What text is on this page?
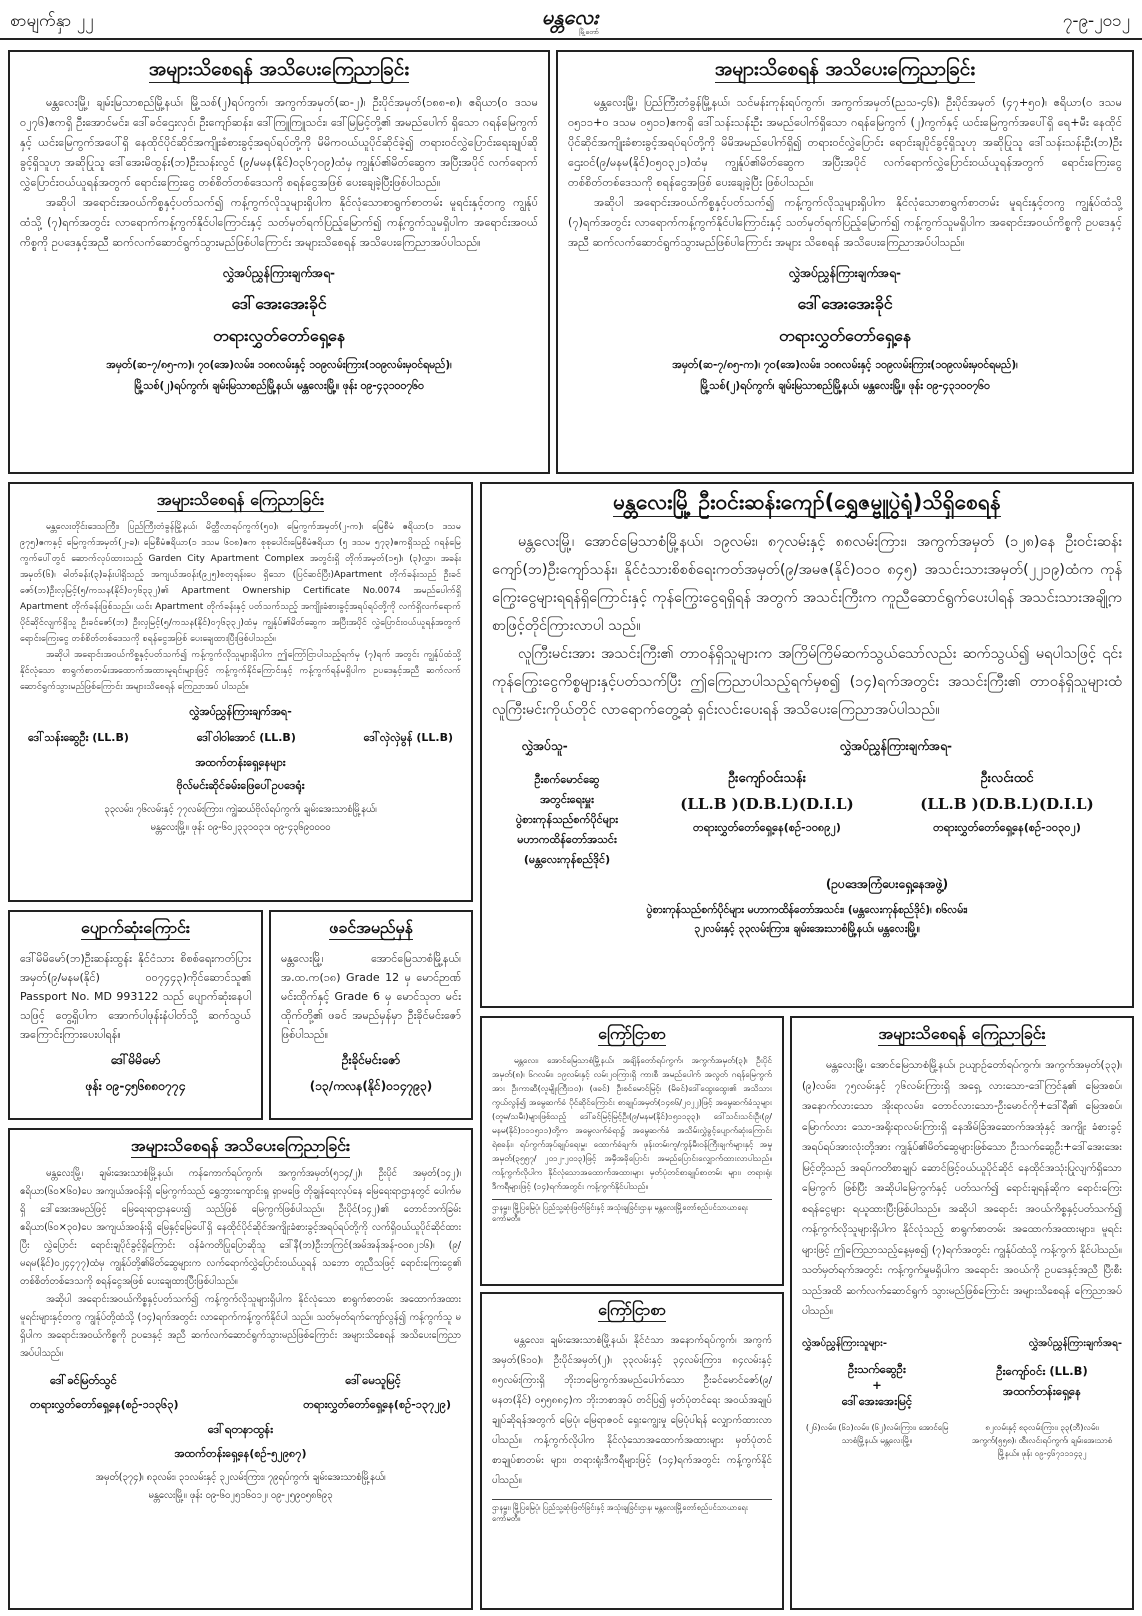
စာမျက်နှာ ၂၂	မန္တလေး
မြို့တော်
၇-၉-၂၀၁၂
အများသိစေရန် အသိပေးကြေညာခြင်း

မန္တလေးမြို့၊ ချမ်းမြသာစည်မြို့နယ်၊ မြို့သစ်(၂)ရပ်ကွက်၊ အကွက်အမှတ်(ဆ-၂)၊ ဦးပိုင်အမှတ်(၁၈၈-၈)၊ ဧရိယာ(၀ ဒသမ ၀၂၇၆)ဧကရှိ ဦးအောင်မင်း၊ ဒေါ်ခင်ဌေးလှင်၊ ဦးကျော်ဆန်း၊ ဒေါ်ကြူကြူသင်း၊ ဒေါ်မြမြင့်တို့၏ အမည်ပေါက် ရှိသော ဂရန်မြေကွက်နှင့် ယင်းမြေကွက်အပေါ်ရှိ နေထိုင်ပိုင်ဆိုင်အကျိုးခံစားခွင့်အရပ်ရပ်တို့ကို မိမိကဝယ်ယူပိုင်ဆိုင်ခဲ့၍ တရားဝင်လွှဲပြောင်းရေးချုပ်ဆိုခွင့်ရှိသူဟု အဆိုပြုသူ ဒေါ်အေးမိထွန်း(ဘ)ဦးသန်းလွင် (၉/မမန(နိုင်)၀၃၆၇၀၉)ထံမှ ကျွန်ုပ်၏မိတ်ဆွေက အပြီးအပိုင် လက်ရောက်လွှဲပြောင်းဝယ်ယူရန်အတွက် ရောင်းကြေးငွေ တစ်စိတ်တစ်ဒေသကို စရန်ငွေအဖြစ် ပေးချေခဲ့ပြီးဖြစ်ပါသည်။

အဆိုပါ အရောင်းအဝယ်ကိစ္စနှင့်ပတ်သက်၍ ကန့်ကွက်လိုသူများရှိပါက နိုင်လုံသောစာရွက်စာတမ်း မူရင်းနှင့်တကွ ကျွန်ုပ်ထံသို့ (၇)ရက်အတွင်း လာရောက်ကန့်ကွက်နိုင်ပါကြောင်းနှင့် သတ်မှတ်ရက်ပြည့်မြောက်၍ ကန့်ကွက်သူမရှိပါက အရောင်းအဝယ်ကိစ္စကို ဥပဒေနှင့်အညီ ဆက်လက်ဆောင်ရွက်သွားမည်ဖြစ်ပါကြောင်း အများသိစေရန် အသိပေးကြေညာအပ်ပါသည်။

လွှဲအပ်ညွှန်ကြားချက်အရ-
ဒေါ်အေးအေးခိုင်
တရားလွှတ်တော်ရှေ့နေ
အမှတ်(ဆ-၇/၈၅-က)၊ ၇၀(အေ)လမ်း၊ ၁၀၈လမ်းနှင့် ၁၀၉လမ်းကြား(၁၀၉လမ်းမှဝင်ရမည်)၊
မြို့သစ်(၂)ရပ်ကွက်၊ ချမ်းမြသာစည်မြို့နယ်၊ မန္တလေးမြို့။ ဖုန်း ၀၉-၄၃၁၀၀၇၆၀
အများသိစေရန် အသိပေးကြေညာခြင်း

မန္တလေးမြို့၊ ပြည်ကြီးတံခွန်မြို့နယ်၊ သင်မန်းကုန်းရပ်ကွက်၊ အကွက်အမှတ်(ညသ-၄၆)၊ ဦးပိုင်အမှတ် (၄၇+၅၀)၊ ဧရိယာ(၀ ဒသမ ၀၅၁၁+၀ ဒသမ ၀၅၁၁)ဧကရှိ ဒေါ်သန်းသန်းဦး အမည်ပေါက်ရှိသော ဂရန်မြေကွက် (၂)ကွက်နှင့် ယင်းမြေကွက်အပေါ်ရှိ ရေ+မီး နေထိုင်ပိုင်ဆိုင်အကျိုးခံစားခွင့်အရပ်ရပ်တို့ကို မိမိအမည်ပေါက်ရှိ၍ တရားဝင်လွှဲပြောင်း ရောင်းချပိုင်ခွင့်ရှိသူဟု အဆိုပြုသူ ဒေါ်သန်းသန်းဦး(ဘ)ဦးဌေးဝင်(၉/မနမ(နိုင်)၀၅၀၃၂၁)ထံမှ ကျွန်ုပ်၏မိတ်ဆွေက အပြီးအပိုင် လက်ရောက်လွှဲပြောင်းဝယ်ယူရန်အတွက် ရောင်းကြေးငွေ တစ်စိတ်တစ်ဒေသကို စရန်ငွေအဖြစ် ပေးချေခဲ့ပြီး ဖြစ်ပါသည်။

အဆိုပါ အရောင်းအဝယ်ကိစ္စနှင့်ပတ်သက်၍ ကန့်ကွက်လိုသူများရှိပါက နိုင်လုံသောစာရွက်စာတမ်း မူရင်းနှင့်တကွ ကျွန်ုပ်ထံသို့ (၇)ရက်အတွင်း လာရောက်ကန့်ကွက်နိုင်ပါကြောင်းနှင့် သတ်မှတ်ရက်ပြည့်မြောက်၍ ကန့်ကွက်သူမရှိပါက အရောင်းအဝယ်ကိစ္စကို ဥပဒေနှင့်အညီ ဆက်လက်ဆောင်ရွက်သွားမည်ဖြစ်ပါကြောင်း အများ သိစေရန် အသိပေးကြေညာအပ်ပါသည်။

လွှဲအပ်ညွှန်ကြားချက်အရ-
ဒေါ်အေးအေးခိုင်
တရားလွှတ်တော်ရှေ့နေ
အမှတ်(ဆ-၇/၈၅-က)၊ ၇၀(အေ)လမ်း၊ ၁၀၈လမ်းနှင့် ၁၀၉လမ်းကြား(၁၀၉လမ်းမှဝင်ရမည်)၊
မြို့သစ်(၂)ရပ်ကွက်၊ ချမ်းမြသာစည်မြို့နယ်၊ မန္တလေးမြို့။ ဖုန်း ၀၉-၄၃၁၀၀၇၆၀
အများသိစေရန် ကြေညာခြင်း

မန္တလေးတိုင်းဒေသကြီး၊ ပြည်ကြီးတံခွန်မြို့နယ်၊ မိတ္ထီလာရပ်ကွက်(၅၀)၊ မြေကွက်အမှတ်(၂-က)၊ မြေစီမံ ဧရိယာ(၁ ဒသမ ၉၇၅)ဧကနှင့် မြေကွက်အမှတ်(၂-ခ)၊ မြေစီမံဧရိယာ(၁ ဒသမ ၆၀၈)ဧက စုစုပေါင်းမြေစီမံဧရိယာ (၅ ဒသမ ၅၇၃)ဧကရှိသည့် ဂရန်မြေကွက်ပေါ်တွင် ဆောက်လုပ်ထားသည့် Garden City Apartment Complex အတွင်းရှိ တိုက်အမှတ်(၁၅)၊ (၃)လွှာ၊ အခန်းအမှတ်(၆)၊ ဓါတ်ခန်း(၃)ခန်းပါရှိသည့် အကျယ်အဝန်း(၉၂၅)စတုရန်းပေ ရှိသော (ပြင်ဆင်ပြီး)Apartment တိုက်ခန်းသည် ဦးခင်ဇော်(ဘ)ဦးလှမြင့်(၅/ကသန(နိုင်)၀၇၆၃၃၂)၏ Apartment Ownership Certificate No.0074 အမည်ပေါက်ရှိ Apartment တိုက်ခန်းဖြစ်သည်။ ယင်း Apartment တိုက်ခန်းနှင့် ပတ်သက်သည့် အကျိုးခံစားခွင့်အရပ်ရပ်တို့ကို လက်ရှိလက်ရောက် ပိုင်ဆိုင်လျက်ရှိသူ ဦးခင်ဇော်(ဘ) ဦးလှမြင့်(၅/ကသန(နိုင်)၀၇၆၃၃၂)ထံမှ ကျွန်ုပ်၏မိတ်ဆွေက အပြီးအပိုင် လွှဲပြောင်းဝယ်ယူရန်အတွက် ရောင်းကြေးငွေ တစ်စိတ်တစ်ဒေသကို စရန်ငွေအဖြစ် ပေးချေထားပြီးဖြစ်ပါသည်။

အဆိုပါ အရောင်းအဝယ်ကိစ္စနှင့်ပတ်သက်၍ ကန့်ကွက်လိုသူများရှိပါက ဤကြော်ငြာပါသည့်ရက်မှ (၇)ရက် အတွင်း ကျွန်ုပ်ထံသို့ နိုင်လုံသော စာရွက်စာတမ်းအထောက်အထားမူရင်းများဖြင့် ကန့်ကွက်နိုင်ကြောင်းနှင့် ကန့်ကွက်ရန်မရှိပါက ဥပဒေနှင့်အညီ ဆက်လက်ဆောင်ရွက်သွားမည်ဖြစ်ကြောင်း အများသိစေရန် ကြေညာအပ် ပါသည်။

လွှဲအပ်ညွှန်ကြားချက်အရ-
ဒေါ်သန်းဆွေဦး (LL.B)	ဒေါ်ဝါဝါအောင် (LL.B)	ဒေါ်လှဲလှဲမွန် (LL.B)
အထက်တန်းရှေ့နေများ
ဗိုလ်မင်းဆိုင်ခမ်းဖြေပေါ်ဥပဒေရုံး
၃၃လမ်း၊ ၇၆လမ်းနှင့် ၇၇လမ်းကြား၊ ကျွဲဆယ်ဗိုလ်ရပ်ကွက်၊ ချမ်းအေးသာစံမြို့နယ်၊
မန္တလေးမြို့။ ဖုန်း ၀၉-၆၀၂၃၃၁၀၃၁၊ ၀၉-၄၃၆၉၀၀၀၀
မန္တလေးမြို့ ဦးဝင်းဆန်းကျော်(ရွှေဇမ္ဗူပွဲရုံ)သိရှိစေရန်

မန္တလေးမြို့၊ အောင်မြေသာစံမြို့နယ်၊ ၁၉လမ်း၊ ၈၇လမ်းနှင့် ၈၈လမ်းကြား၊ အကွက်အမှတ် (၁၂၈)နေ ဦးဝင်းဆန်းကျော်(ဘ)ဦးကျော်သန်း၊ နိုင်ငံသားစိစစ်ရေးကတ်အမှတ်(၉/အမဇ(နိုင်)၀၁၀ ၈၄၅) အသင်းသားအမှတ်(၂၂၁၉)ထံက ကုန်ကြွေးငွေများရရန်ရှိကြောင်းနှင့် ကုန်ကြွေးငွေရရှိရန် အတွက် အသင်းကြီးက ကူညီဆောင်ရွက်ပေးပါရန် အသင်းသားအချို့က စာဖြင့်တိုင်ကြားလာပါ သည်။

လူကြီးမင်းအား အသင်းကြီး၏ တာဝန်ရှိသူများက အကြိမ်ကြိမ်ဆက်သွယ်သော်လည်း ဆက်သွယ်၍ မရပါသဖြင့် ၎င်းကုန်ကြွေးငွေကိစ္စများနှင့်ပတ်သက်ပြီး ဤကြေညာပါသည့်ရက်မှစ၍ (၁၄)ရက်အတွင်း အသင်းကြီး၏ တာဝန်ရှိသူများထံ လူကြီးမင်းကိုယ်တိုင် လာရောက်တွေ့ဆုံ ရှင်းလင်းပေးရန် အသိပေးကြေညာအပ်ပါသည်။

လွှဲအပ်သူ-	လွှဲအပ်ညွှန်ကြားချက်အရ-
ဦးစက်မောင်ဆွေ
အတွင်းရေးမှူး
ပွဲစားကုန်သည်စက်ပိုင်များ
မဟာကထိန်တော်အသင်း
(မန္တလေးကုန်စည်ဒိုင်)
ဦးကျော်ဝင်းသန်း
(LL.B )(D.B.L)(D.I.L)
တရားလွှတ်တော်ရှေ့နေ(စဉ်-၁၀၈၉၂)
ဦးလင်းထင်
(LL.B )(D.B.L)(D.I.L)
တရားလွှတ်တော်ရှေ့နေ(စဉ်-၁၀၃၀၂)
(ဥပဒေအကြံပေးရှေ့နေအဖွဲ့)
ပွဲစားကုန်သည်စက်ပိုင်များ မဟာကထိန်တော်အသင်း၊ (မန္တလေးကုန်စည်ဒိုင်)၊ ၈၆လမ်း၊
၃၂လမ်းနှင့် ၃၃လမ်းကြား၊ ချမ်းအေးသာစံမြို့နယ်၊ မန္တလေးမြို့။
ပျောက်ဆုံးကြောင်း
ဒေါ်မိမိမော်(ဘ)ဦးဆန်းထွန်း နိုင်ငံသား စိစစ်ရေးကတ်ပြားအမှတ်(၉/မနမ(နိုင်) ၀၀၇၄၄၃)ကိုင်ဆောင်သူ၏ Passport No. MD 993122 သည် ပျောက်ဆုံးနေပါသဖြင့် တွေ့ရှိပါက အောက်ပါဖုန်းနံပါတ်သို့ ဆက်သွယ် အကြောင်းကြားပေးပါရန်။
ဒေါ်မိမိမော်
ဖုန်း ၀၉-၄၅၆၈၈၀၇၇၄
ဖခင်အမည်မှန်
မန္တလေးမြို့၊ အောင်မြေသာစံမြို့နယ်၊ အ.ထ.က(၁၈) Grade 12 မှ မောင်ဉာဏ် မင်းထိုက်နှင့် Grade 6 မှ မောင်သုတ မင်းထိုက်တို့၏ ဖခင် အမည်မှန်မှာ ဦးခိုင်မင်းဇော် ဖြစ်ပါသည်။
ဦးခိုင်မင်းဇော်
(၁၃/ကလန(နိုင်)၀၁၄၇၉၃)
အများသိစေရန် အသိပေးကြေညာခြင်း

မန္တလေးမြို့၊ ချမ်းအေးသာစံမြို့နယ်၊ ကန်ကောက်ရပ်ကွက်၊ အကွက်အမှတ်(၅၁၄/၂)၊ ဦးပိုင် အမှတ်(၁၄၂)၊ ဧရိယာ(၆၀×၆၀)ပေ အကျယ်အဝန်းရှိ မြေကွက်သည် ရွှေဘွားကျောင်းရှု ရှာမဖြေ တိုချွန်ရေးလုပ်နေ မြေရေးရာဌာနတွင် ပေါက်မရှိ ဒေါ်အေးအမည်ဖြင့် မြေရေးရာဌာနပေး၍ သည်ဖြစ် မြေကွက်ဖြစ်ပါသည်။ ဦးပိုင်(၁၄၂)၏ တောင်ဘက်ခြမ်း ဧရိယာ(၆၀×၃၀)ပေ အကျယ်အဝန်းရှိ မြေနှင့်မြေပေါ်ရှိ နေထိုင်ပိုင်ဆိုင်အကျိုးခံစားခွင့်အရပ်ရပ်တို့ကို လက်ရှိဝယ်ယူပိုင်ဆိုင်ထားပြီး လွှဲပြောင်း ရောင်းချပိုင်ခွင့်ရှိကြောင်း ဝန်ခံကတိပြုပြောဆိုသူ ဒေါ်နီ(ဘ)ဦးဘကြင်(အမ်အန်အန်-၀၀၈၂၁၆)၊ (၉/မရမ(နိုင်)၀၂၄၄၇၇)ထံမှ ကျွန်ုပ်တို့၏မိတ်ဆွေများက လက်ရောက်လွှဲပြောင်းဝယ်ယူရန် သဘော တူညီသဖြင့် ရောင်းကြေးငွေ၏ တစ်စိတ်တစ်ဒေသကို စရန်ငွေအဖြစ် ပေးချေထားပြီးဖြစ်ပါသည်။

အဆိုပါ အရောင်းအဝယ်ကိစ္စနှင့်ပတ်သက်၍ ကန့်ကွက်လိုသူများရှိပါက နိုင်လုံသော စာရွက်စာတမ်း အထောက်အထားမူရင်းများနှင့်တကွ ကျွန်ုပ်တို့ထံသို့ (၁၄)ရက်အတွင်း လာရောက်ကန့်ကွက်နိုင်ပါ သည်။ သတ်မှတ်ရက်ကျော်လွန်၍ ကန့်ကွက်သူ မရှိပါက အရောင်းအဝယ်ကိစ္စကို ဥပဒေနှင့် အညီ ဆက်လက်ဆောင်ရွက်သွားမည်ဖြစ်ကြောင်း အများသိစေရန် အသိပေးကြေညာအပ်ပါသည်။

ဒေါ်ခင်မြတ်သွင်	ဒေါ်မေသူမြင့်
တရားလွှတ်တော်ရှေ့နေ(စဉ်-၁၁၃၆၃)	တရားလွှတ်တော်ရှေ့နေ(စဉ်-၁၃၇၂၉)
ဒေါ်ရတနာထွန်း
အထက်တန်းရှေ့နေ(စဉ်-၅၂၉၈၇)
အမှတ်(၃၇၄)၊ ၈၃လမ်း၊ ၃၁လမ်းနှင့် ၃၂လမ်းကြား၊ ၇၉ရပ်ကွက်၊ ချမ်းအေးသာစံမြို့နယ်၊
မန္တလေးမြို့။ ဖုန်း ၀၉-၆၀၂၅၁၆၀၁၂၊ ၀၉-၂၅၉၀၅၈၆၉၃
ကြော်ငြာစာ
မန္တလေး၊ အောင်မြေသာစံမြို့နယ်၊ အချိန်တော်ရပ်ကွက်၊ အကွက်အမှတ်(၃)၊ ဦးပိုင်အမှတ်(၈)၊ ၆ဂလမ်း၊ ၁၉လမ်းနှင့် လမ်း၂၀ကြားရှိ ကားစီ အမည်ပေါက် အလွတ် ဂရန်မြေကွက်အား ဦးကာဆီ(လူမျိုးကြီး၁၀)၊ (ဖခင်) ဦးစင်မောင်မြင့်၊ (မိခင်)ဒေါ်ထွေးထွေး၏ အသိသားကွယ်လွန်၍ အမွေဆက်ခံ ပိုင်ဆိုင်ကြောင်း စာချုပ်အမှတ်(၁၄၈၆/၂၀၂၂)ဖြင့် အမွေဆက်ခံသူများ (တူမ/သမီး)များဖြစ်သည့် ဒေါ်ခင်မြင့်မြင့်ဦး(၉/မနမ(နိုင်)၁၅၁၁၃၃)၊ ဒေါ်သင်းသင်းဦး(၉/မနမ(နိုင်)၁၁၁၅၁၁)တို့က အမွေလက်ခံရာ၌ အမွေဆက်ခံ အသိမ်းလွှဲခွင့်ပျောက်ဆုံးကြောင်း ရဲစခန်း၊ ရပ်ကွက်အုပ်ချုပ်ရေးမှူး ထောက်ခံချက်၊ ဖုန်းတမ်းကူ/ကွန်မီးဝန်ကြီးချက်များနှင့် အမှုအမှတ်(၃၅၅၇/ ၂၀၁၂-၂၀၁၃)ဖြင့် အမှီအခိုပြောင်း အမည်ပြောင်းလျှောက်ထားလာပါသည်။ ကန့်ကွက်လိုပါက နိုင်လုံသောအထောက်အထားများ မှတ်ပုံတင်စာချုပ်စာတမ်း များ၊ တရားရုံးဒီကရီများဖြင့် (၁၄)ရက်အတွင်း ကန့်ကွက်နိုင်ပါသည်။
ဌာနမှူး၊ မြို့ပြမြေပုံ၊ ပြည်သူ့ဆုံးဖြတ်ခြင်းနှင့် အသုံးချခြင်းဌာန၊ မန္တလေးမြို့တော်စည်ပင်သာယာရေးကော်မတီ။
ကြော်ငြာစာ
မန္တလေး၊ ချမ်းအေးသာစံမြို့နယ်၊ နိုင်ငံသာ အနောက်ရပ်ကွက်၊ အကွက်အမှတ်(၆၁၀)၊ ဦးပိုင်အမှတ်(၂)၊ ၃၃လမ်းနှင့် ၃၄လမ်းကြား၊ ၈၄လမ်းနှင့် ၈၅လမ်းကြားရှိ ဘိုးဘမြေကွက်အမည်ပေါက်သော ဦးခင်မောင်ဇော်(၉/မနတ(နိုင်) ၀၅၅၈၈၄)က ဘိုးဘစာအုပ် တင်ပြ၍ မှတ်ပုံတင်ရေး အဝယ်အချုပ်ချုပ်ဆိုရန်အတွက် မြေပုံ၊ မြေရာဇဝင် ရှေးကျွေးမှု မြေပုံပါရန် လျှောက်ထားလာပါသည်။ ကန့်ကွက်လိုပါက နိုင်လုံသောအထောက်အထားများ မှတ်ပုံတင် စာချုပ်စာတမ်း များ၊ တရားရုံးဒီကရီများဖြင့် (၁၄)ရက်အတွင်း ကန့်ကွက်နိုင် ပါသည်။
ဌာနမှူး၊ မြို့ပြမြေပုံ၊ ပြည်သူ့ဆုံးဖြတ်ခြင်းနှင့် အသုံးချခြင်းဌာန၊ မန္တလေးမြို့တော်စည်ပင်သာယာရေးကော်မတီ။
အများသိစေရန် ကြေညာခြင်း
မန္တလေးမြို့၊ အောင်မြေသာစံမြို့နယ်၊ ဥယျာဉ်တော်ရပ်ကွက်၊ အကွက်အမှတ်(၃၃)၊ (၉)လမ်း၊ ၇၅လမ်းနှင့် ၇၆လမ်းကြားရှိ အရှေ့ လားသော-ဒေါ်ကြင်နု၏ မြေအစပ်၊ အနောက်လားသော အိုးရာလမ်း၊ တောင်လားသော-ဦးမောင်ကို+ဒေါ်ရီ၏ မြေအစပ်၊ မြောက်လား သော-အရိုးရာလမ်းကြားရှိ နေအိမ်ခြံအဆောက်အအုံနှင့် အကျိုး ခံစားခွင့်အရပ်ရပ်အားလုံးတို့အား ကျွန်ုပ်၏မိတ်ဆွေများဖြစ်သော ဦးသက်ဆွေဦး+ဒေါ်အေးအေးမြင့်တို့သည် အရပ်ကတိစာချုပ် ဆောင်ဖြင့်ဝယ်ယူပိုင်ဆိုင် နေထိုင်အသုံးပြုလျက်ရှိသော မြေကွက် ဖြစ်ပြီး အဆိုပါမြေကွက်နှင့် ပတ်သက်၍ ရောင်းချရန်ဆိုက ရောင်းကြေးစရန်ငွေများ ရယူထားပြီးဖြစ်ပါသည်။ အဆိုပါ အရောင်း အဝယ်ကိစ္စနှင့်ပတ်သက်၍ ကန့်ကွက်လိုသူများရှိပါက နိုင်လုံသည့် စာရွက်စာတမ်း အထောက်အထားများ၊ မူရင်းများဖြင့် ဤကြေညာသည့်နေ့မှစ၍ (၇)ရက်အတွင်း ကျွန်ုပ်ထံသို့ ကန့်ကွက် နိုင်ပါသည်။ သတ်မှတ်ရက်အတွင်း ကန့်ကွက်မှုမရှိပါက အရောင်း အဝယ်ကို ဥပဒေနှင့်အညီ ပြီးစီးသည်အထိ ဆက်လက်ဆောင်ရွက် သွားမည်ဖြစ်ကြောင်း အများသိစေရန် ကြေညာအပ်ပါသည်။
လွှဲအပ်ညွှန်ကြားသူများ-	လွှဲအပ်ညွှန်ကြားချက်အရ-
ဦးသက်ဆွေဦး
+
ဒေါ်အေးအေးမြင့်
ဦးကျော်ဝင်း (LL.B)
အထက်တန်းရှေ့နေ
(၂၆)လမ်း၊ (၆၁)လမ်း၊ (၆၂)လမ်းကြား၊ အောင်မြေသာစံမြို့နယ်၊ မန္တလေးမြို့။
၈၂လမ်းနှင့် ၈၃လမ်းကြား၊ ၃၃(ဘီ)လမ်း၊ အကွက်(၅၅၈)၊ ထီးလင်းရပ်ကွက်၊ ချမ်းအေးသာစံမြို့နယ်။ ဖုန်း ၀၉-၄၆၇၁၁၁၄၃၂
